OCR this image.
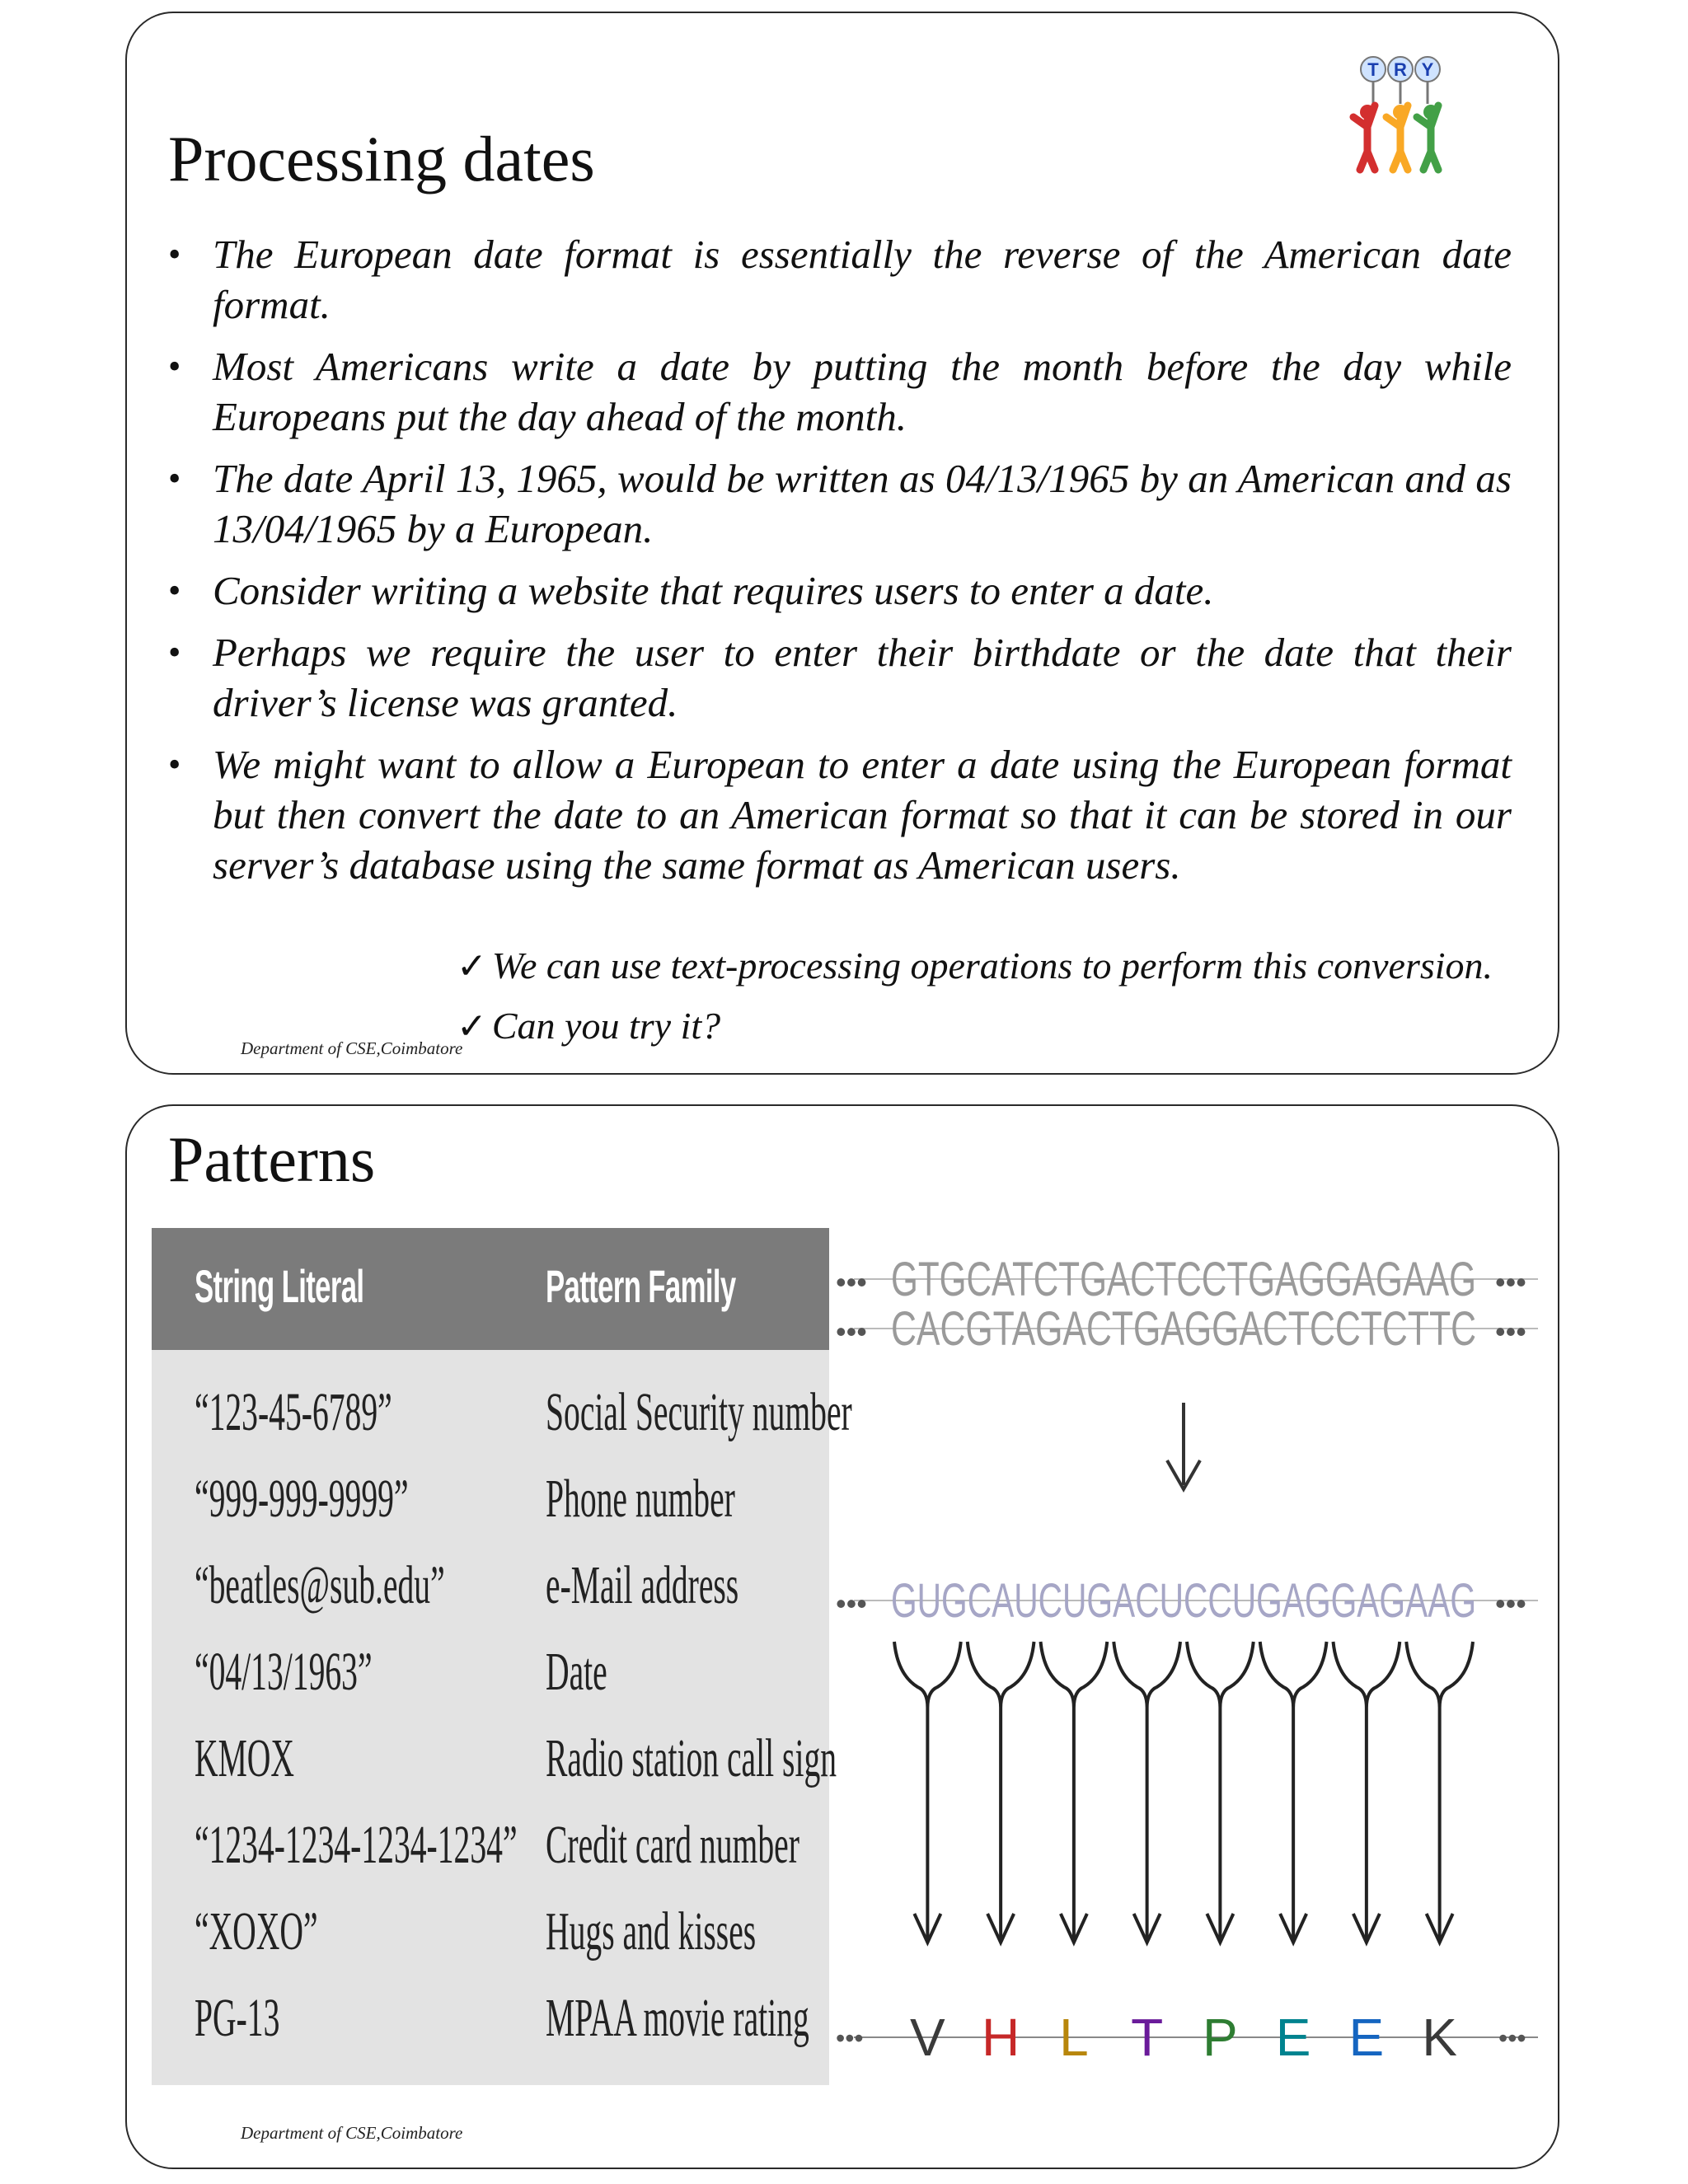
Processing dates
T R Y
• The European date format is essentially the reverse of the American date format.
• Most Americans write a date by putting the month before the day while Europeans put the day ahead of the month.
• The date April 13, 1965, would be written as 04/13/1965 by an American and as 13/04/1965 by a European.
• Consider writing a website that requires users to enter a date.
• Perhaps we require the user to enter their birthdate or the date that their driver’s license was granted.
• We might want to allow a European to enter a date using the European format but then convert the date to an American format so that it can be stored in our server’s database using the same format as American users.
✓ We can use text-processing operations to perform this conversion.
✓ Can you try it?
Department of CSE,Coimbatore
Patterns
String Literal	Pattern Family
“123-45-6789”	Social Security number
“999-999-9999”	Phone number
“beatles@sub.edu” e-Mail address
“04/13/1963”	Date
KMOX	Radio station call sign
“1234-1234-1234-1234” Credit card number
“XOXO”	Hugs and kisses
PG-13	MPAA movie rating
•••	•••
•••	•••
GTGCATCTGACTCCTGAGGAGAAG
CACGTAGACTGAGGACTCCTCTTC
•••	•••
GUGCAUCUGACUCCUGAGGAGAAG
•••	•••
V H L T P E E K
Department of CSE,Coimbatore
